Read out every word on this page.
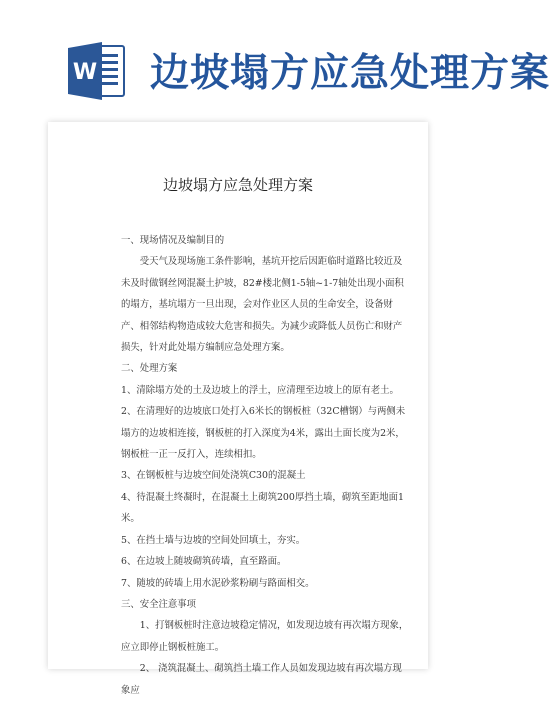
W 边坡塌方应急处理方案
边坡塌方应急处理方案

一、现场情况及编制目的

受天气及现场施工条件影响，基坑开挖后因距临时道路比较近及未及时做钢丝网混凝土护坡，82#楼北侧1-5轴~1-7轴处出现小面积的塌方，基坑塌方一旦出现，会对作业区人员的生命安全，设备财产、相邻结构物造成较大危害和损失。为减少或降低人员伤亡和财产损失，针对此处塌方编制应急处理方案。

二、处理方案

1、清除塌方处的土及边坡上的浮土，应清理至边坡上的原有老土。

2、在清理好的边坡底口处打入6米长的钢板桩（32C槽钢）与两侧未塌方的边坡相连接，钢板桩的打入深度为4米，露出土面长度为2米，钢板桩一正一反打入，连续相扣。

3、在钢板桩与边坡空间处浇筑C30的混凝土

4、待混凝土终凝时，在混凝土上砌筑200厚挡土墙，砌筑至距地面1米。

5、在挡土墙与边坡的空间处回填土，夯实。

6、在边坡上随坡砌筑砖墙，直至路面。

7、随坡的砖墙上用水泥砂浆粉刷与路面相交。

三、安全注意事项

1、打钢板桩时注意边坡稳定情况，如发现边坡有再次塌方现象，应立即停止钢板桩施工。

2、 浇筑混凝土、砌筑挡土墙工作人员如发现边坡有再次塌方现象应
